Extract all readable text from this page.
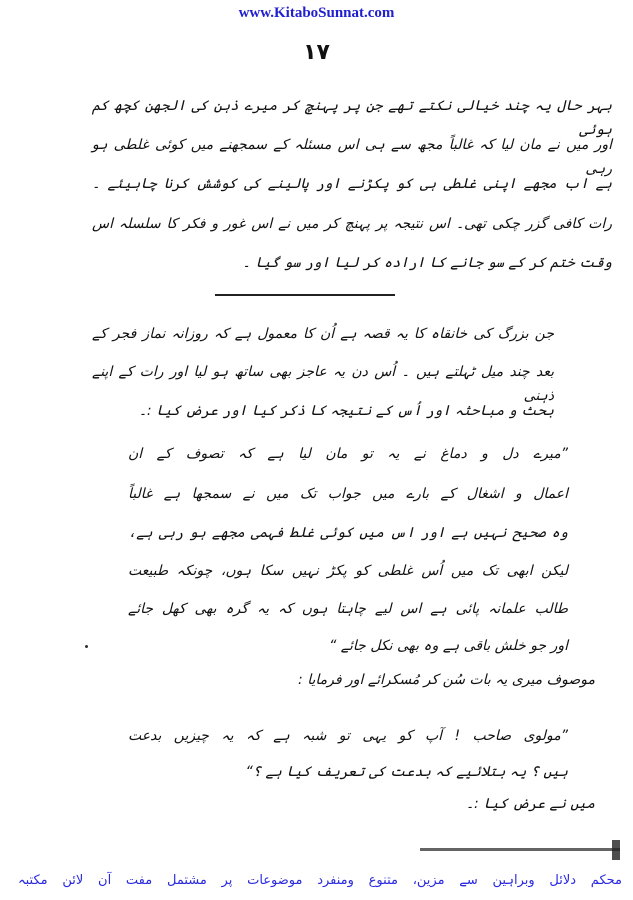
www.KitaboSunnat.com
۱۷
بہر حال یہ چند خیالی نکتے تھے جن پر پہنچ کر میرے ذہن کی الجھن کچھ کم ہوئی
اور میں نے مان لیا کہ غالباً مجھ سے ہی اس مسئلہ کے سمجھنے میں کوئی غلطی ہو رہی
ہے اب مجھے اپنی غلطی ہی کو پکڑنے اور پالینے کی کوشش کرنا چاہیئے ۔
رات کافی گزر چکی تھی۔ اس نتیجہ پر پہنچ کر میں نے اس غور و فکر کا سلسلہ اس
وقت ختم کر کے سو جانے کا ارادہ کر لیا اور سو گیا ۔
جن بزرگ کی خانقاہ کا یہ قصہ ہے اُن کا معمول ہے کہ روزانہ نماز فجر کے
بعد چند میل ٹہلتے ہیں ۔ اُس دن یہ عاجز بھی ساتھ ہو لیا اور رات کے اپنے ذہنی
بحث و مباحثہ اور اُس کے نتیجہ کا ذکر کیا اور عرض کیا :۔
”میرے دل و دماغ نے یہ تو مان لیا ہے کہ تصوف کے ان
اعمال و اشغال کے بارے میں جواب تک میں نے سمجھا ہے غالباً
وہ صحیح نہیں ہے اور اس میں کوئی غلط فہمی مجھے ہو رہی ہے،
لیکن ابھی تک میں اُس غلطی کو پکڑ نہیں سکا ہوں، چونکہ طبیعت
طالب علمانہ پائی ہے اس لیے چاہتا ہوں کہ یہ گرہ بھی کھل جائے
اور جو خلش باقی ہے وہ بھی نکل جائے “
موصوف میری یہ بات سُن کر مُسکرائے اور فرمایا :
”مولوی صاحب ! آپ کو یہی تو شبہ ہے کہ یہ چیزیں بدعت
ہیں ؟ یہ بتلائیے کہ بدعت کی تعریف کیا ہے ؟“
میں نے عرض کیا :۔
محکم دلائل وبراہین سے مزین، متنوع ومنفرد موضوعات پر مشتمل مفت آن لائن مکتبہ
